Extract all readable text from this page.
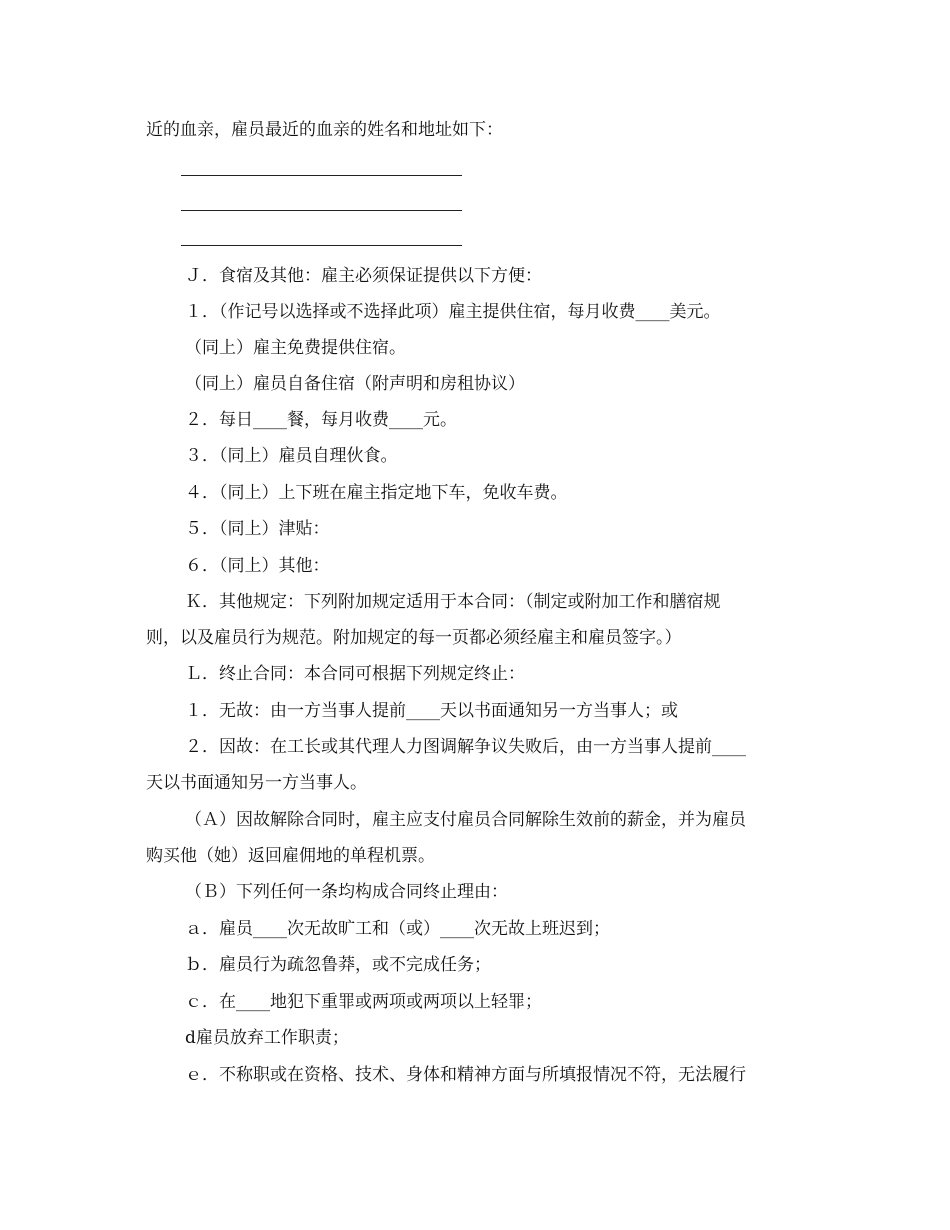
近的血亲，雇员最近的血亲的姓名和地址如下：
Ｊ．食宿及其他：雇主必须保证提供以下方便：
１．（作记号以选择或不选择此项）雇主提供住宿，每月收费____美元。
（同上）雇主免费提供住宿。
（同上）雇员自备住宿（附声明和房租协议）
２．每日____餐，每月收费____元。
３．（同上）雇员自理伙食。
４．（同上）上下班在雇主指定地下车，免收车费。
５．（同上）津贴：
６．（同上）其他：
Ｋ．其他规定：下列附加规定适用于本合同：（制定或附加工作和膳宿规
则，以及雇员行为规范。附加规定的每一页都必须经雇主和雇员签字。）
Ｌ．终止合同：本合同可根据下列规定终止：
１．无故：由一方当事人提前____天以书面通知另一方当事人；或
２．因故：在工长或其代理人力图调解争议失败后，由一方当事人提前____
天以书面通知另一方当事人。
（Ａ）因故解除合同时，雇主应支付雇员合同解除生效前的薪金，并为雇员
购买他（她）返回雇佣地的单程机票。
（Ｂ）下列任何一条均构成合同终止理由：
ａ．雇员____次无故旷工和（或）____次无故上班迟到；
ｂ．雇员行为疏忽鲁莽，或不完成任务；
ｃ．在____地犯下重罪或两项或两项以上轻罪；
d雇员放弃工作职责；
ｅ．不称职或在资格、技术、身体和精神方面与所填报情况不符，无法履行
